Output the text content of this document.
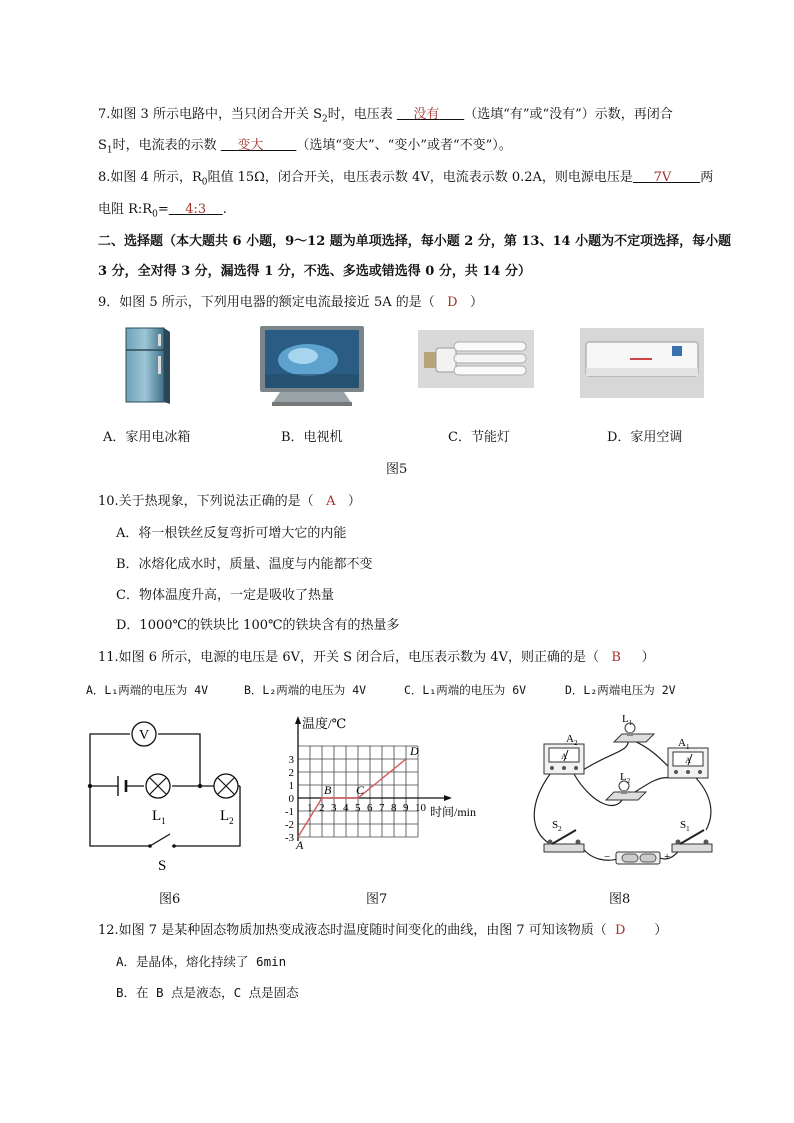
7.如图 3 所示电路中，当只闭合开关 $S_2$时，电压表     没有 （选填“有”或“没有”）示数，再闭合
$S_1$时，电流表的示数     变大	（选填“变大”、“变小”或者“不变”）。
8.如图 4 所示，$R_0$阻值 15Ω，闭合开关，电压表示数 4V，电流表示数 0.2A，则电源电压是 7V 两
电阻 $R:R_0=$ 4:3 .
二、选择题（本大题共 6 小题，9～12 题为单项选择，每小题 2 分，第 13、14 小题为不定项选择，每小题
3 分，全对得 3 分，漏选得 1 分，不选、多选或错选得 0 分，共 14 分）
9．如图 5 所示，下列用电器的额定电流最接近 5A 的是（ D ）
A．家用电冰箱	B．电视机	C．节能灯	D．家用空调
图5
10.关于热现象，下列说法正确的是（ A ）
A．将一根铁丝反复弯折可增大它的内能
B．冰熔化成水时，质量、温度与内能都不变
C．物体温度升高，一定是吸收了热量
D．1000℃的铁块比 100℃的铁块含有的热量多
11.如图 6 所示，电源的电压是 6V，开关 S 闭合后，电压表示数为 4V，则正确的是（ B ）
A．L₁两端的电压为 4V	B．L₂两端的电压为 4V	C．L₁两端的电压为 6V	D．L₂两端电压为 2V
V
$L_1$	$L_2$
S
图6
温度/℃
时间/min
1 2 3 4 5 6 7 8 9 10
-3
-2
-1
0
1
2
3
A
B C
D
图7
A
$A_2$
A
$A_1$
$L_1$
$L_2$
$S_2$	$S_1$
−	+
图8
12.如图 7 是某种固态物质加热变成液态时温度随时间变化的曲线，由图 7 可知该物质（ D ）
A．是晶体，熔化持续了 6min
B．在 B 点是液态，C 点是固态
